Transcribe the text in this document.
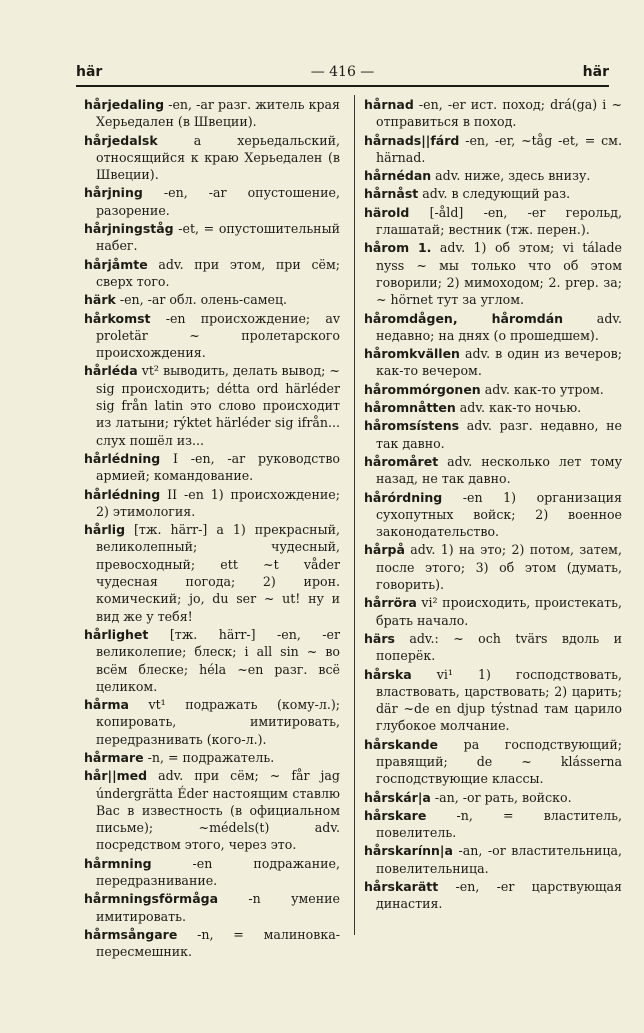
här	— 416 —	här
hårjedaling -en, -ar разг. житель края Херьедален (в Швеции).
hårjedalsk a херьедальский, относящийся к краю Херьедален (в Швеции).
hårjning -en, -ar опустошение, разорение.
hårjningståg -et, = опустошительный набег.
hårjåmte adv. при этом, при сём; сверх того.
härk -en, -ar обл. олень-самец.
hårkomst -en происхождение; av proletär ~ пролетарского происхождения.
hårléda vt² выводить, делать вывод; ~ sig происходить; détta ord härléder sig från latin это слово происходит из латыни; rýktet härléder sig ifrån... слух пошёл из...
hårlédning I -en, -ar руководство армией; командование.
hårlédning II -en 1) происхождение; 2) этимология.
hårlig [тж. härr-] a 1) прекрасный, великолепный; чудесный, превосходный; ett ~t våder чудесная погода; 2) ирон. комический; jo, du ser ~ ut! ну и вид же у тебя!
hårlighet [тж. härr-] -en, -er великолепие; блеск; i all sin ~ во всём блеске; héla ~en разг. всё целиком.
hårma vt¹ подражать (кому-л.); копировать, имитировать, передразнивать (кого-л.).
hårmare -n, = подражатель.
hår||med adv. при сём; ~ får jag úndergrätta Éder настоящим ставлю Вас в известность (в официальном письме); ~médels(t) adv. посредством этого, через это.
hårmning -en подражание, передразнивание.
hårmningsförmåga -n умение имитировать.
hårmsångare -n, = малиновка-пересмешник.
hårnad -en, -er ист. поход; drá(ga) i ~ отправиться в поход.
hårnads||fárd -en, -er, ~tåg -et, = см. härnad.
hårnédan adv. ниже, здесь внизу.
hårnåst adv. в следующий раз.
härold [-åld] -en, -er герольд, глашатай; вестник (тж. перен.).
hårom 1. adv. 1) об этом; vi tálade nyss ~ мы только что об этом говорили; 2) мимоходом; 2. prep. за; ~ hörnet тут за углом.
håromdågen, håromdán adv. недавно; на днях (о прошедшем).
håromkvällen adv. в один из вечеров; как-то вечером.
hårommórgonen adv. как-то утром.
håromnåtten adv. как-то ночью.
håromsístens adv. разг. недавно, не так давно.
håromåret adv. несколько лет тому назад, не так давно.
hårórdning -en 1) организация сухопутных войск; 2) военное законодательство.
hårpå adv. 1) на это; 2) потом, затем, после этого; 3) об этом (думать, говорить).
hårröra vi² происходить, проистекать, брать начало.
härs adv.: ~ och tvärs вдоль и поперёк.
hårska vi¹ 1) господствовать, властвовать, царствовать; 2) царить; där ~de en djup týstnad там царило глубокое молчание.
hårskande pa господствующий; правящий; de ~ klásserna господствующие классы.
hårskár|a -an, -or рать, войско.
hårskare -n, = властитель, повелитель.
hårskarínn|a -an, -or властительница, повелительница.
hårskarätt -en, -er царствующая династия.
